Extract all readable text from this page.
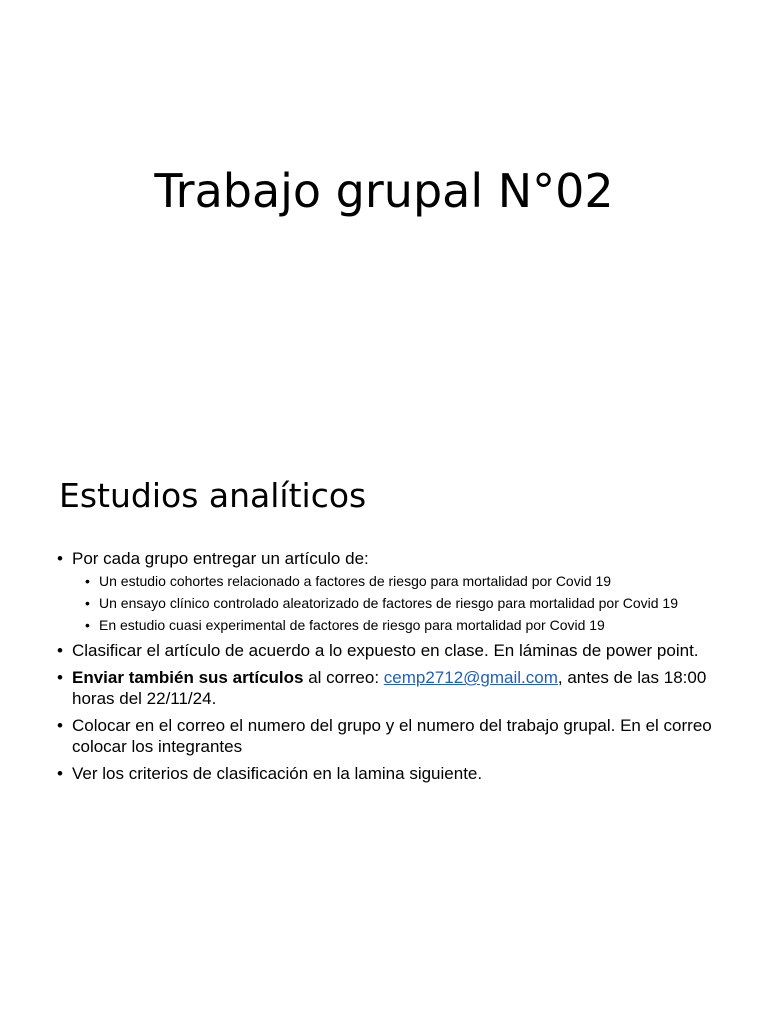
Trabajo grupal N°02
Estudios analíticos
• Por cada grupo entregar un artículo de:
• Un estudio cohortes relacionado a factores de riesgo para mortalidad por Covid 19
• Un ensayo clínico controlado aleatorizado de factores de riesgo para mortalidad por Covid 19
• En estudio cuasi experimental de factores de riesgo para mortalidad por Covid 19
• Clasificar el artículo de acuerdo a lo expuesto en clase. En láminas de power point.
• Enviar también sus artículos al correo: cemp2712@gmail.com, antes de las 18:00 horas del 22/11/24.
• Colocar en el correo el numero del grupo y el numero del trabajo grupal. En el correo colocar los integrantes
• Ver los criterios de clasificación en la lamina siguiente.
